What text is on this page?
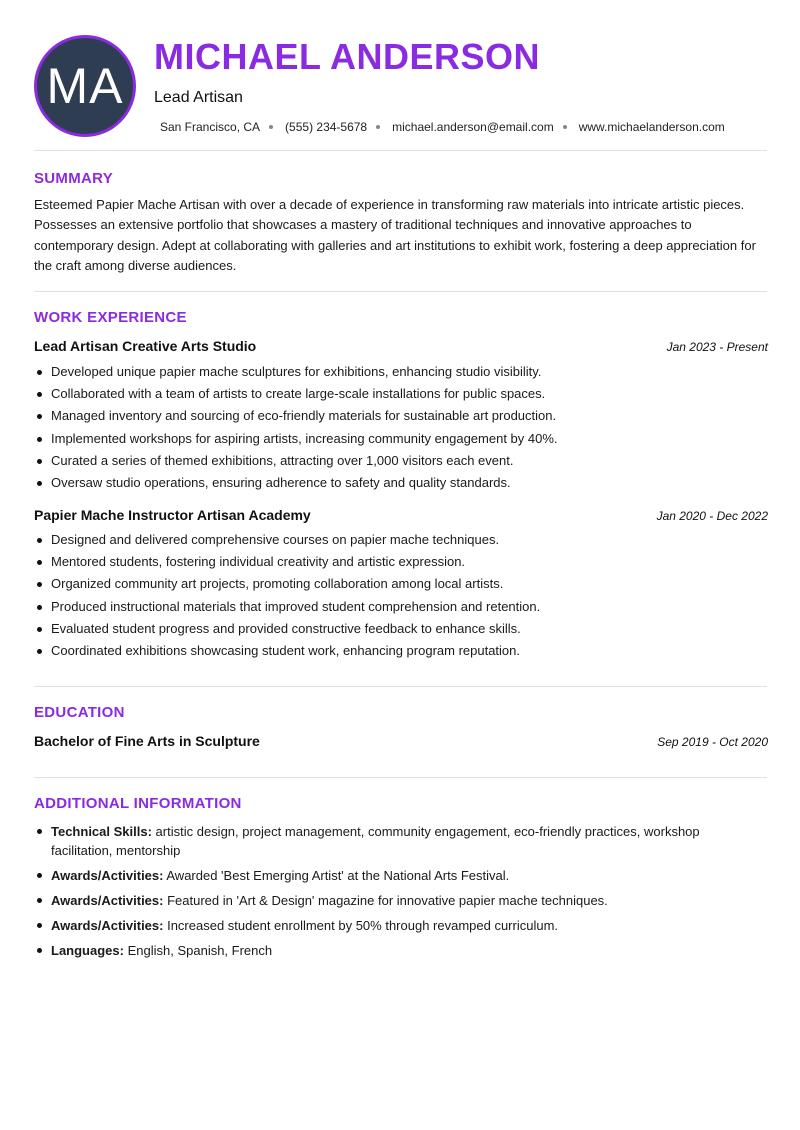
MA
MICHAEL ANDERSON
Lead Artisan
San Francisco, CA (555) 234-5678 michael.anderson@email.com www.michaelanderson.com
SUMMARY
Esteemed Papier Mache Artisan with over a decade of experience in transforming raw materials into intricate artistic pieces. Possesses an extensive portfolio that showcases a mastery of traditional techniques and innovative approaches to contemporary design. Adept at collaborating with galleries and art institutions to exhibit work, fostering a deep appreciation for the craft among diverse audiences.
WORK EXPERIENCE
Lead Artisan Creative Arts Studio	Jan 2023 - Present
Developed unique papier mache sculptures for exhibitions, enhancing studio visibility.
Collaborated with a team of artists to create large-scale installations for public spaces.
Managed inventory and sourcing of eco-friendly materials for sustainable art production.
Implemented workshops for aspiring artists, increasing community engagement by 40%.
Curated a series of themed exhibitions, attracting over 1,000 visitors each event.
Oversaw studio operations, ensuring adherence to safety and quality standards.
Papier Mache Instructor Artisan Academy	Jan 2020 - Dec 2022
Designed and delivered comprehensive courses on papier mache techniques.
Mentored students, fostering individual creativity and artistic expression.
Organized community art projects, promoting collaboration among local artists.
Produced instructional materials that improved student comprehension and retention.
Evaluated student progress and provided constructive feedback to enhance skills.
Coordinated exhibitions showcasing student work, enhancing program reputation.
EDUCATION
Bachelor of Fine Arts in Sculpture	Sep 2019 - Oct 2020
ADDITIONAL INFORMATION
Technical Skills: artistic design, project management, community engagement, eco-friendly practices, workshop facilitation, mentorship
Awards/Activities: Awarded 'Best Emerging Artist' at the National Arts Festival.
Awards/Activities: Featured in 'Art & Design' magazine for innovative papier mache techniques.
Awards/Activities: Increased student enrollment by 50% through revamped curriculum.
Languages: English, Spanish, French
